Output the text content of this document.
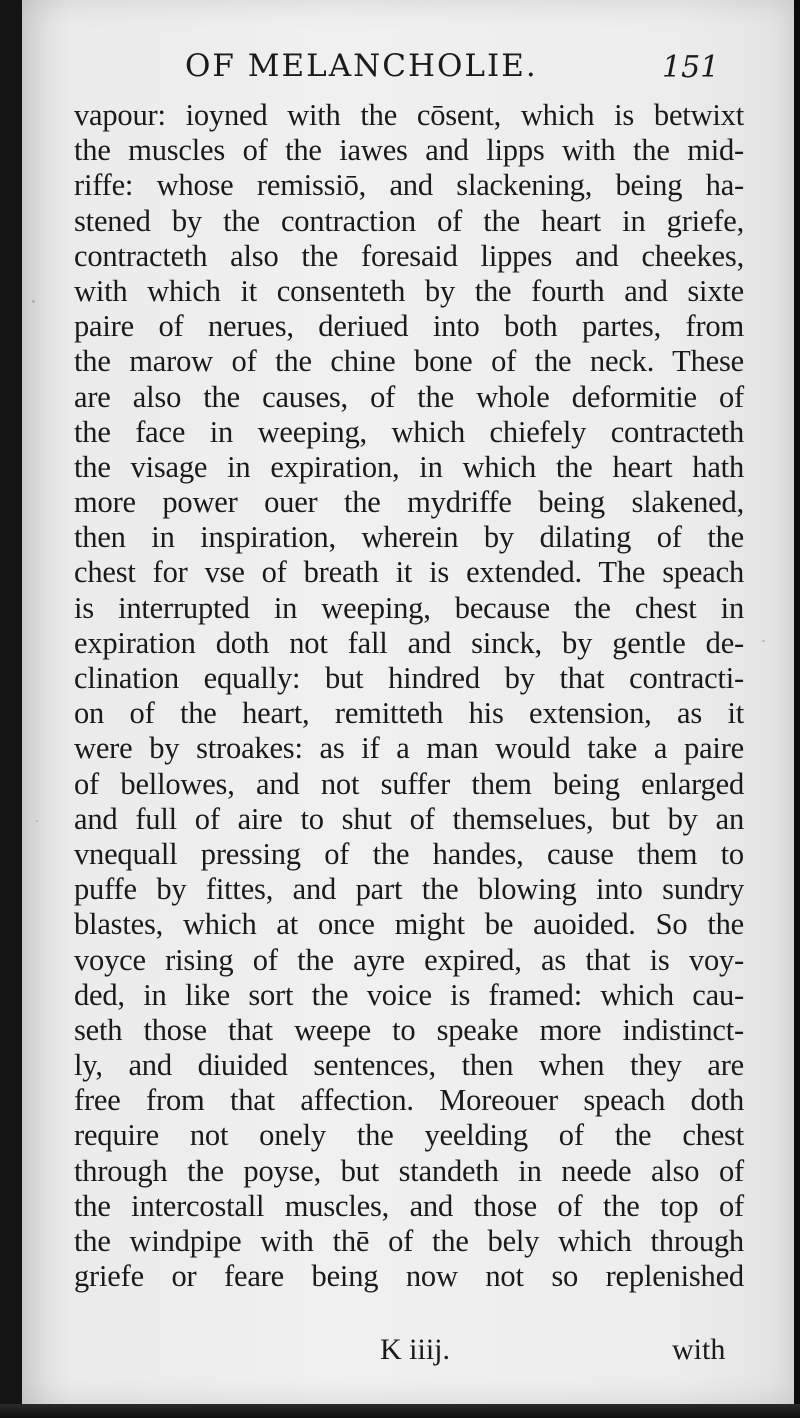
OF MELANCHOLIE.	151
vapour: ioyned with the cōsent, which is betwixt
the muscles of the iawes and lipps with the mid-
riffe: whose remissiō, and slackening, being ha-
stened by the contraction of the heart in griefe,
contracteth also the foresaid lippes and cheekes,
with which it consenteth by the fourth and sixte
paire of nerues, deriued into both partes, from
the marow of the chine bone of the neck. These
are also the causes, of the whole deformitie of
the face in weeping, which chiefely contracteth
the visage in expiration, in which the heart hath
more power ouer the mydriffe being slakened,
then in inspiration, wherein by dilating of the
chest for vse of breath it is extended. The speach
is interrupted in weeping, because the chest in
expiration doth not fall and sinck, by gentle de-
clination equally: but hindred by that contracti-
on of the heart, remitteth his extension, as it
were by stroakes: as if a man would take a paire
of bellowes, and not suffer them being enlarged
and full of aire to shut of themselues, but by an
vnequall pressing of the handes, cause them to
puffe by fittes, and part the blowing into sundry
blastes, which at once might be auoided. So the
voyce rising of the ayre expired, as that is voy-
ded, in like sort the voice is framed: which cau-
seth those that weepe to speake more indistinct-
ly, and diuided sentences, then when they are
free from that affection. Moreouer speach doth
require not onely the yeelding of the chest
through the poyse, but standeth in neede also of
the intercostall muscles, and those of the top of
the windpipe with thē of the bely which through
griefe or feare being now not so replenished
K iiij.	with
